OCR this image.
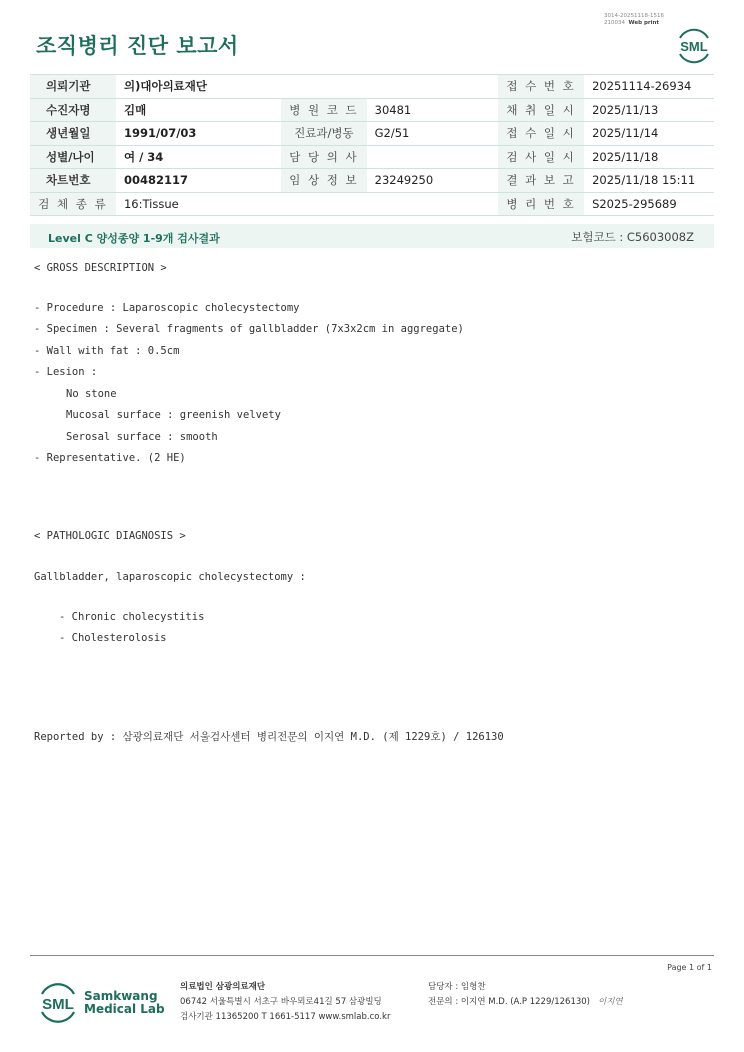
조직병리 진단 보고서
3014-20251118-1516
210034 Web print
SML
의뢰기관	의)대아의료재단			접 수 번 호	20251114-26934
수진자명	김매	병 원 코 드	30481	채 취 일 시	2025/11/13
생년월일	1991/07/03	진료과/병동	G2/51	접 수 일 시	2025/11/14
성별/나이	여 / 34	담 당 의 사		검 사 일 시	2025/11/18
차트번호	00482117	임 상 정 보	23249250	결 과 보 고	2025/11/18 15:11
검 체 종 류	16:Tissue			병 리 번 호	S2025-295689
Level C 양성종양 1-9개 검사결과	보험코드 : C5603008Z
< GROSS DESCRIPTION >
- Procedure : Laparoscopic cholecystectomy
- Specimen : Several fragments of gallbladder (7x3x2cm in aggregate)
- Wall with fat : 0.5cm
- Lesion :
No stone
Mucosal surface : greenish velvety
Serosal surface : smooth
- Representative. (2 HE)
< PATHOLOGIC DIAGNOSIS >
Gallbladder, laparoscopic cholecystectomy :
- Chronic cholecystitis
- Cholesterolosis
Reported by : 삼광의료재단 서울검사센터 병리전문의 이지연 M.D. (제 1229호) / 126130
Page 1 of 1
SML Samkwang
Medical Lab
의료법인 삼광의료재단
06742 서울특별시 서초구 바우뫼로41길 57 삼광빌딩
검사기관 11365200 T 1661-5117 www.smlab.co.kr
담당자 : 임형찬
전문의 : 이지연 M.D. (A.P 1229/126130) 이지연
